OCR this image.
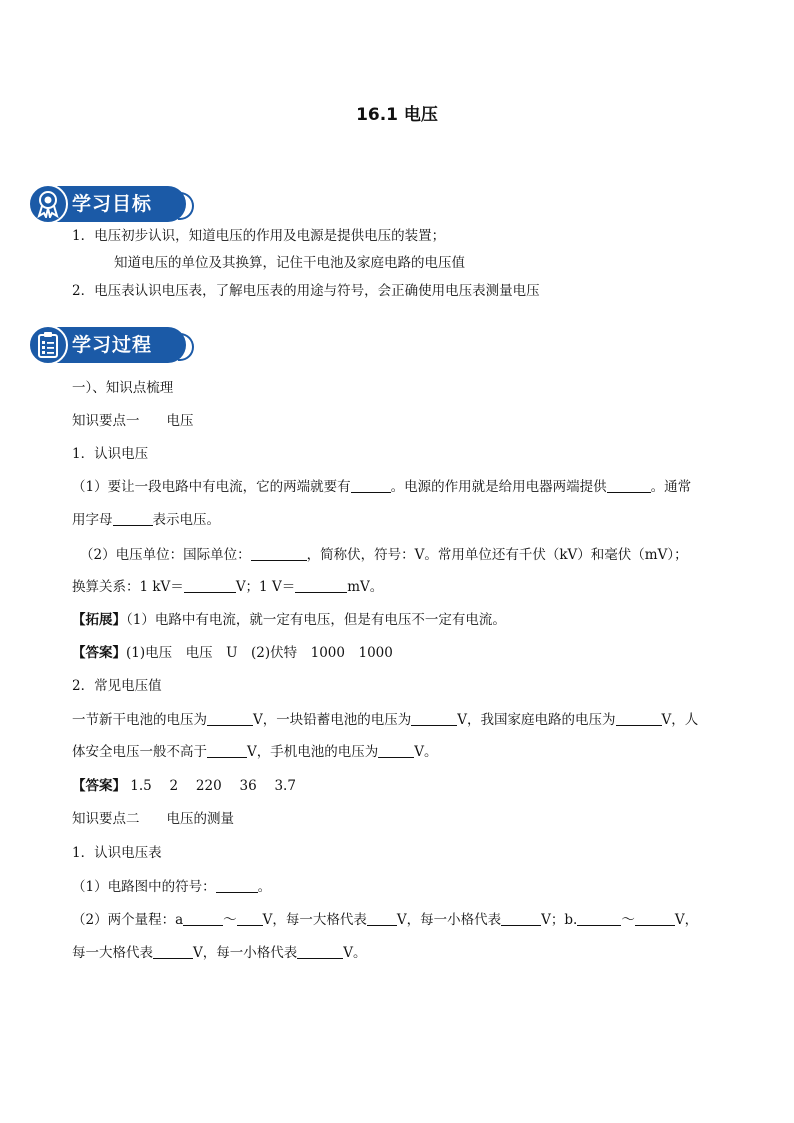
16.1 电压
学习目标
1．电压初步认识，知道电压的作用及电源是提供电压的装置；
知道电压的单位及其换算，记住干电池及家庭电路的电压值
2．电压表认识电压表，了解电压表的用途与符号，会正确使用电压表测量电压
学习过程
一）、知识点梳理
知识要点一　　电压
1．认识电压
（1）要让一段电路中有电流，它的两端就要有	。电源的作用就是给用电器两端提供	。通常
用字母	表示电压。
（2）电压单位：国际单位：	，简称伏，符号：V。常用单位还有千伏（kV）和毫伏（mV）；
换算关系：1 kV＝	V；1 V＝	mV。
【拓展】（1）电路中有电流，就一定有电压，但是有电压不一定有电流。
【答案】(1)电压　电压　U　(2)伏特　1000　1000
2．常见电压值
一节新干电池的电压为	V，一块铅蓄电池的电压为	V，我国家庭电路的电压为	V，人
体安全电压一般不高于	V，手机电池的电压为	V。
【答案】 1.5　 2　 220　 36　 3.7
知识要点二　　电压的测量
1．认识电压表
（1）电路图中的符号：	。
（2）两个量程：a	～ V，每一大格代表 V，每一小格代表	V；b.	～	V，
每一大格代表	V，每一小格代表	V。
